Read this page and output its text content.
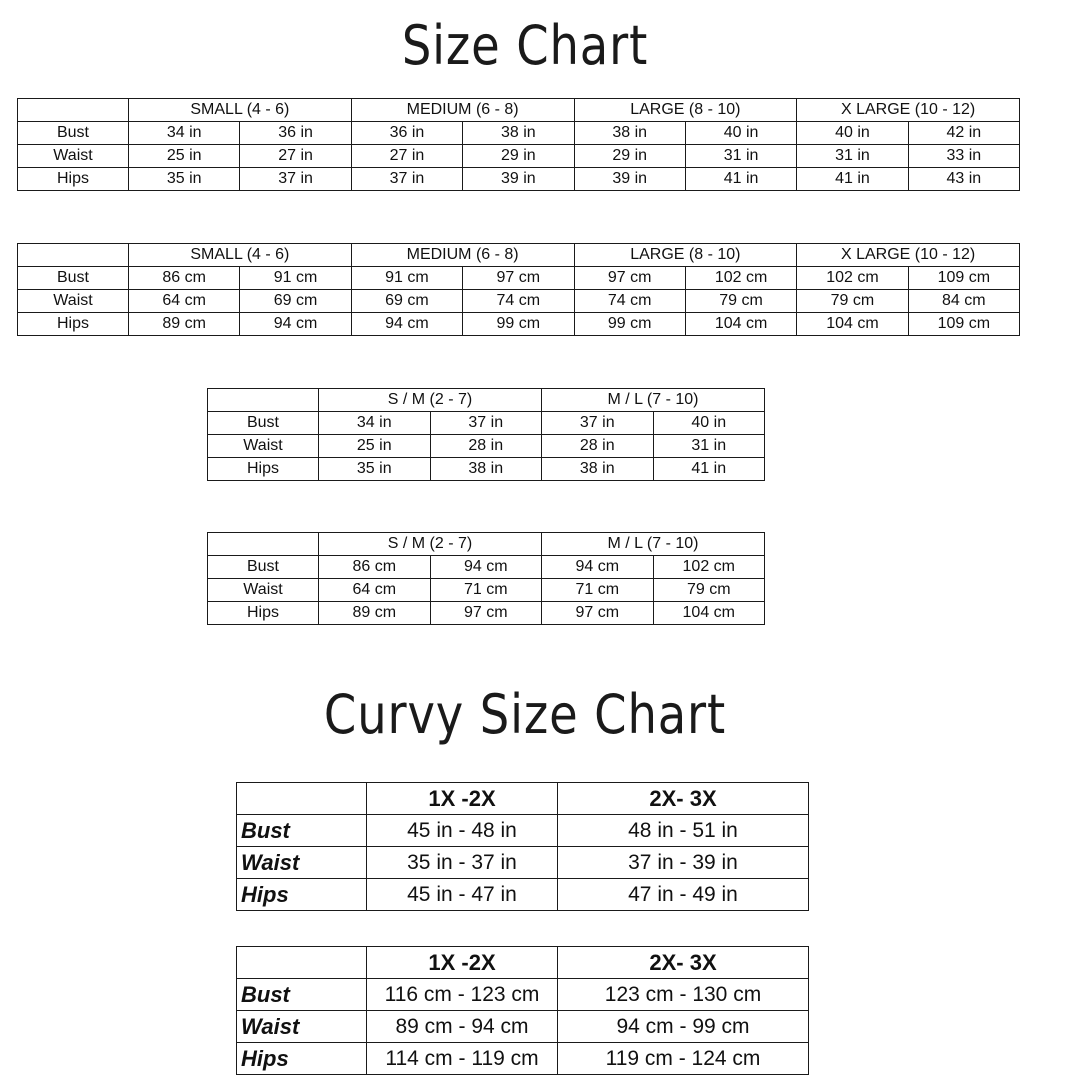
Size Chart
	SMALL (4 - 6)		MEDIUM (6 - 8)		LARGE (8 - 10)		X LARGE (10 - 12)	
Bust	34 in	36 in	36 in	38 in	38 in	40 in	40 in	42 in
Waist	25 in	27 in	27 in	29 in	29 in	31 in	31 in	33 in
Hips	35 in	37 in	37 in	39 in	39 in	41 in	41 in	43 in
	SMALL (4 - 6)		MEDIUM (6 - 8)		LARGE (8 - 10)		X LARGE (10 - 12)	
Bust	86 cm	91 cm	91 cm	97 cm	97 cm	102 cm	102 cm	109 cm
Waist	64 cm	69 cm	69 cm	74 cm	74 cm	79 cm	79 cm	84 cm
Hips	89 cm	94 cm	94 cm	99 cm	99 cm	104 cm	104 cm	109 cm
	S / M (2 - 7)		M / L (7 - 10)	
Bust	34 in	37 in	37 in	40 in
Waist	25 in	28 in	28 in	31 in
Hips	35 in	38 in	38 in	41 in
	S / M (2 - 7)		M / L (7 - 10)	
Bust	86 cm	94 cm	94 cm	102 cm
Waist	64 cm	71 cm	71 cm	79 cm
Hips	89 cm	97 cm	97 cm	104 cm
Curvy Size Chart
	1X -2X	2X- 3X
Bust	45 in - 48 in	48 in - 51 in
Waist	35 in - 37 in	37 in - 39 in
Hips	45 in - 47 in	47 in - 49 in
	1X -2X	2X- 3X
Bust	116 cm - 123 cm	123 cm - 130 cm
Waist	89 cm - 94 cm	94 cm - 99 cm
Hips	114 cm - 119 cm	119 cm - 124 cm
